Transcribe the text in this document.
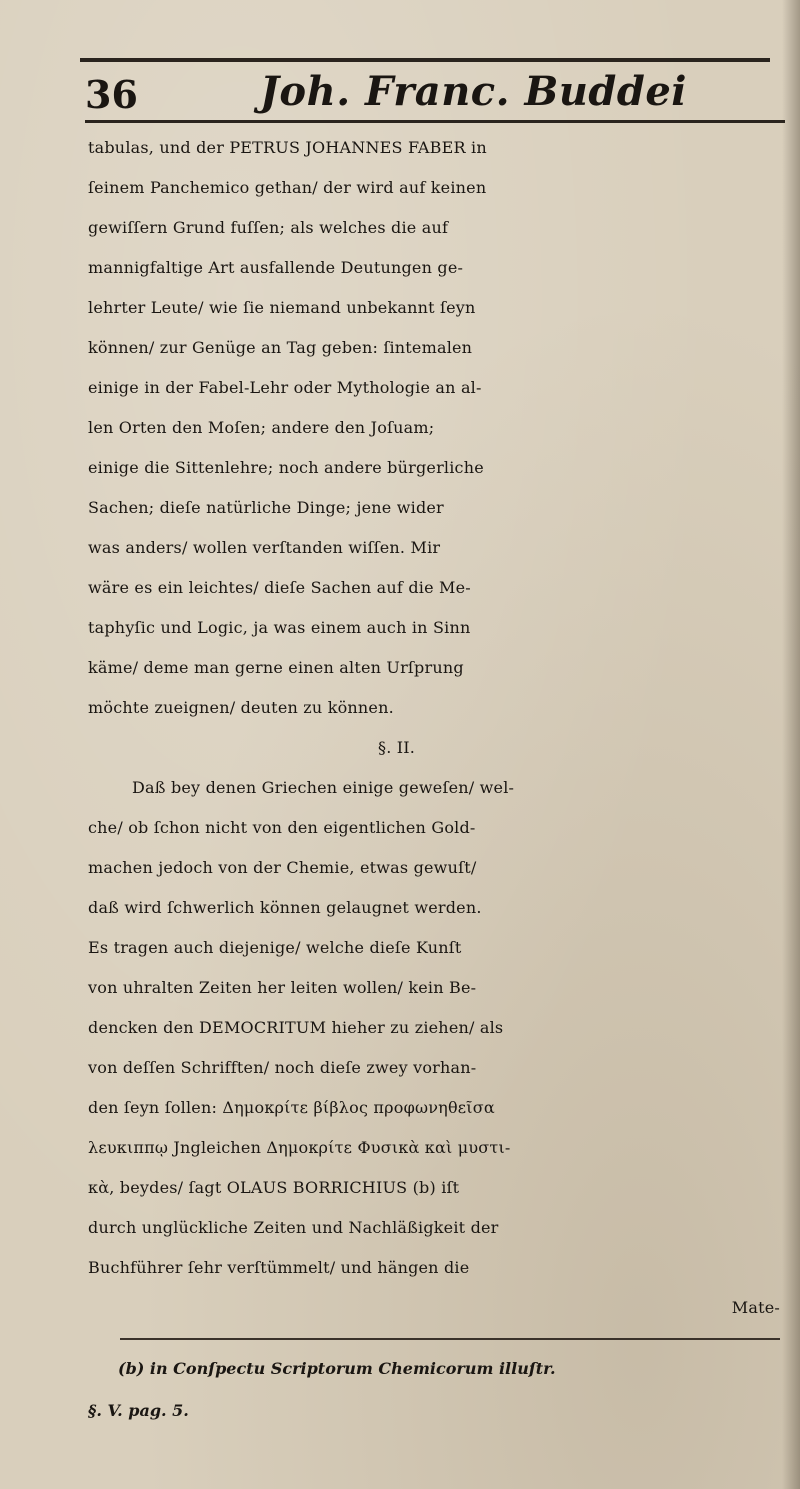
36	Joh. Franc. Buddei
tabulas, und der PETRUS JOHANNES FABER in
ſeinem Panchemico gethan/ der wird auf keinen
gewiſſern Grund fuſſen; als welches die auf
mannigfaltige Art ausfallende Deutungen ge-
lehrter Leute/ wie ſie niemand unbekannt ſeyn
können/ zur Genüge an Tag geben: ſintemalen
einige in der Fabel-Lehr oder Mythologie an al-
len Orten den Moſen; andere den Joſuam;
einige die Sittenlehre; noch andere bürgerliche
Sachen; dieſe natürliche Dinge; jene wider
was anders/ wollen verſtanden wiſſen. Mir
wäre es ein leichtes/ dieſe Sachen auf die Me-
taphyſic und Logic, ja was einem auch in Sinn
käme/ deme man gerne einen alten Urſprung
möchte zueignen/ deuten zu können.
§. II.
Daß bey denen Griechen einige geweſen/ wel-
che/ ob ſchon nicht von den eigentlichen Gold-
machen jedoch von der Chemie, etwas gewuſt/
daß wird ſchwerlich können gelaugnet werden.
Es tragen auch diejenige/ welche dieſe Kunſt
von uhralten Zeiten her leiten wollen/ kein Be-
dencken den DEMOCRITUM hieher zu ziehen/ als
von deſſen Schrifften/ noch dieſe zwey vorhan-
den ſeyn ſollen: Δημοκρίτε βίβλος προφωνηθεῖσα
λευκιππῳ Jngleichen Δημοκρίτε Φυσικὰ καὶ μυστι-
κὰ, beydes/ ſagt OLAUS BORRICHIUS (b) iſt
durch unglückliche Zeiten und Nachläßigkeit der
Buchführer ſehr verſtümmelt/ und hängen die
Mate-
(b) in Conſpectu Scriptorum Chemicorum illuſtr.
§. V. pag. 5.
